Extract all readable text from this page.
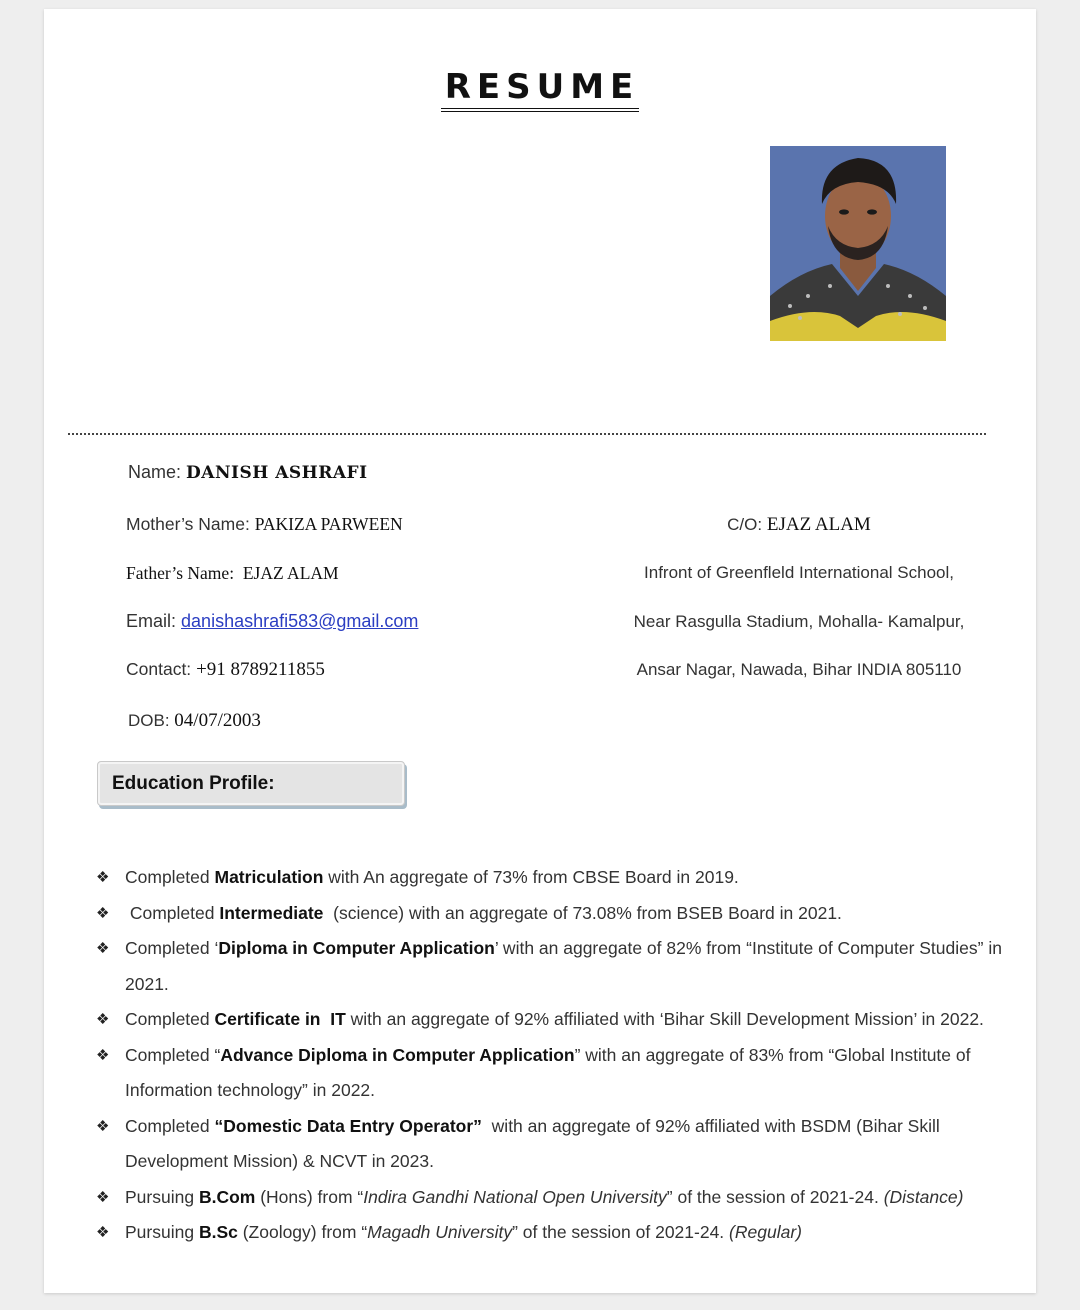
RESUME
Name: DANISH ASHRAFI
Mother’s Name: PAKIZA PARWEEN
Father’s Name: EJAZ ALAM
Email: danishashrafi583@gmail.com
Contact: +91 8789211855
DOB: 04/07/2003
C/O: EJAZ ALAM
Infront of Greenfleld International School,
Near Rasgulla Stadium, Mohalla- Kamalpur,
Ansar Nagar, Nawada, Bihar INDIA 805110
Education Profile:
❖ Completed Matriculation with An aggregate of 73% from CBSE Board in 2019.
❖ Completed Intermediate  (science) with an aggregate of 73.08% from BSEB Board in 2021.
❖ Completed ‘Diploma in Computer Application’ with an aggregate of 82% from “Institute of Computer Studies” in 2021.
❖ Completed Certificate in  IT with an aggregate of 92% affiliated with ‘Bihar Skill Development Mission’ in 2022.
❖ Completed “Advance Diploma in Computer Application” with an aggregate of 83% from “Global Institute of Information technology” in 2022.
❖ Completed “Domestic Data Entry Operator”  with an aggregate of 92% affiliated with BSDM (Bihar Skill Development Mission) & NCVT in 2023.
❖ Pursuing B.Com (Hons) from “Indira Gandhi National Open University” of the session of 2021-24. (Distance)
❖ Pursuing B.Sc (Zoology) from “Magadh University” of the session of 2021-24. (Regular)
